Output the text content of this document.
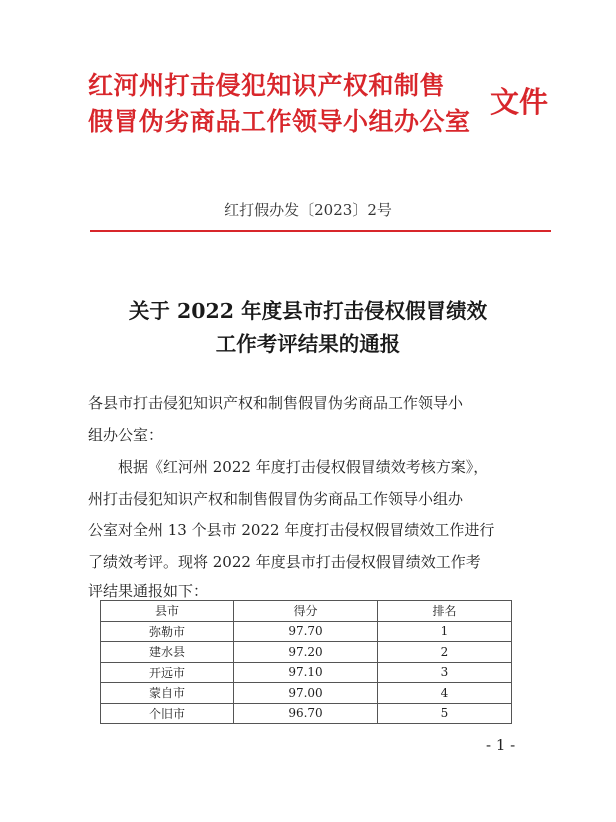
红河州打击侵犯知识产权和制售
假冒伪劣商品工作领导小组办公室
文件
红打假办发〔2023〕2号
关于 2022 年度县市打击侵权假冒绩效
工作考评结果的通报
各县市打击侵犯知识产权和制售假冒伪劣商品工作领导小
组办公室：
根据《红河州 2022 年度打击侵权假冒绩效考核方案》，
州打击侵犯知识产权和制售假冒伪劣商品工作领导小组办
公室对全州 13 个县市 2022 年度打击侵权假冒绩效工作进行
了绩效考评。现将 2022 年度县市打击侵权假冒绩效工作考
评结果通报如下：
县市	得分	排名
弥勒市	97.70	1
建水县	97.20	2
开远市	97.10	3
蒙自市	97.00	4
个旧市	96.70	5
- 1 -
